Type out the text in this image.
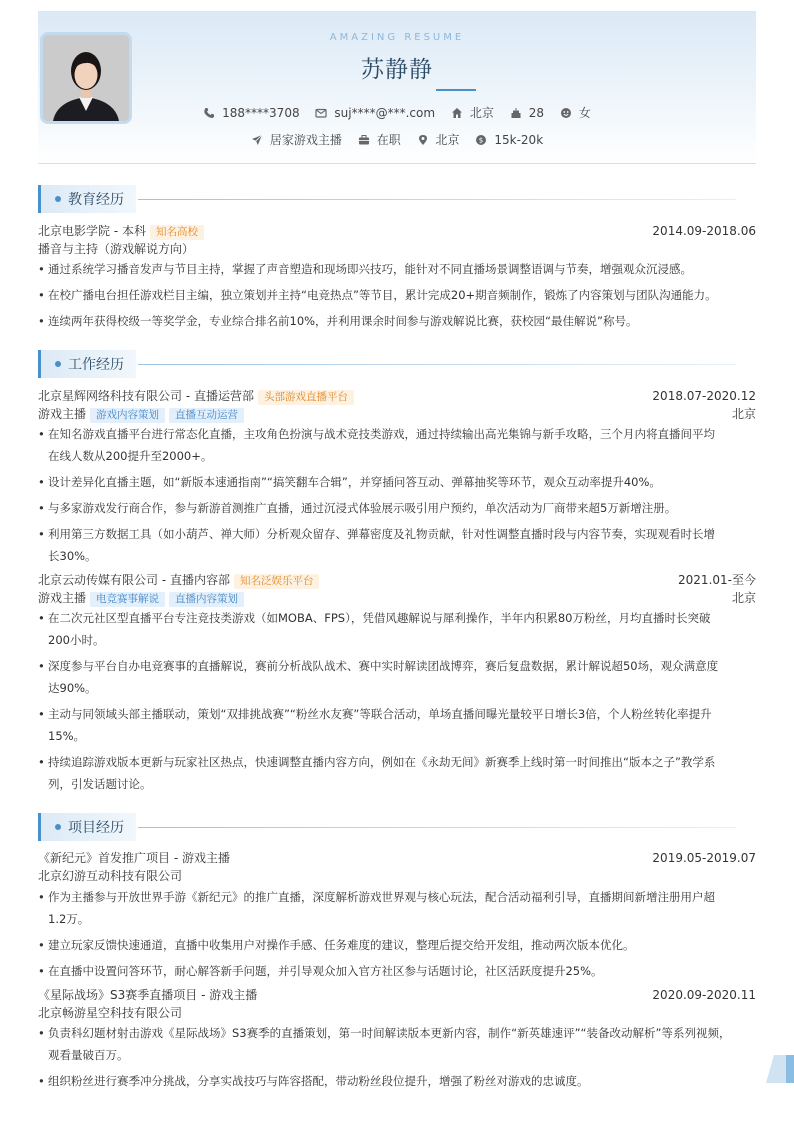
AMAZING RESUME
苏静静
188****3708
	suj****@***.com
	北京
	28
	女
居家游戏主播
	在职
	北京
	$ 15k-20k
教育经历
北京电影学院 - 本科 知名高校	2014.09-2018.06
播音与主持（游戏解说方向）
• 通过系统学习播音发声与节目主持，掌握了声音塑造和现场即兴技巧，能针对不同直播场景调整语调与节奏，增强观众沉浸感。
• 在校广播电台担任游戏栏目主编，独立策划并主持“电竞热点”等节目，累计完成20+期音频制作，锻炼了内容策划与团队沟通能力。
• 连续两年获得校级一等奖学金，专业综合排名前10%，并利用课余时间参与游戏解说比赛，获校园“最佳解说”称号。
工作经历
北京星辉网络科技有限公司 - 直播运营部 头部游戏直播平台	2018.07-2020.12
游戏主播 游戏内容策划 直播互动运营	北京
• 在知名游戏直播平台进行常态化直播，主攻角色扮演与战术竞技类游戏，通过持续输出高光集锦与新手攻略，三个月内将直播间平均
在线人数从200提升至2000+。
• 设计差异化直播主题，如“新版本速通指南”“搞笑翻车合辑”，并穿插问答互动、弹幕抽奖等环节，观众互动率提升40%。
• 与多家游戏发行商合作，参与新游首测推广直播，通过沉浸式体验展示吸引用户预约，单次活动为厂商带来超5万新增注册。
• 利用第三方数据工具（如小葫芦、禅大师）分析观众留存、弹幕密度及礼物贡献，针对性调整直播时段与内容节奏，实现观看时长增
长30%。
北京云动传媒有限公司 - 直播内容部 知名泛娱乐平台	2021.01-至今
游戏主播 电竞赛事解说 直播内容策划	北京
• 在二次元社区型直播平台专注竞技类游戏（如MOBA、FPS），凭借风趣解说与犀利操作，半年内积累80万粉丝，月均直播时长突破
200小时。
• 深度参与平台自办电竞赛事的直播解说，赛前分析战队战术、赛中实时解读团战博弈，赛后复盘数据，累计解说超50场，观众满意度
达90%。
• 主动与同领域头部主播联动，策划“双排挑战赛”“粉丝水友赛”等联合活动，单场直播间曝光量较平日增长3倍，个人粉丝转化率提升
15%。
• 持续追踪游戏版本更新与玩家社区热点，快速调整直播内容方向，例如在《永劫无间》新赛季上线时第一时间推出“版本之子”教学系
列，引发话题讨论。
项目经历
《新纪元》首发推广项目 - 游戏主播	2019.05-2019.07
北京幻游互动科技有限公司
• 作为主播参与开放世界手游《新纪元》的推广直播，深度解析游戏世界观与核心玩法，配合活动福利引导，直播期间新增注册用户超
1.2万。
• 建立玩家反馈快速通道，直播中收集用户对操作手感、任务难度的建议，整理后提交给开发组，推动两次版本优化。
• 在直播中设置问答环节，耐心解答新手问题，并引导观众加入官方社区参与话题讨论，社区活跃度提升25%。
《星际战场》S3赛季直播项目 - 游戏主播	2020.09-2020.11
北京畅游星空科技有限公司
• 负责科幻题材射击游戏《星际战场》S3赛季的直播策划，第一时间解读版本更新内容，制作“新英雄速评”“装备改动解析”等系列视频，
观看量破百万。
• 组织粉丝进行赛季冲分挑战，分享实战技巧与阵容搭配，带动粉丝段位提升，增强了粉丝对游戏的忠诚度。
